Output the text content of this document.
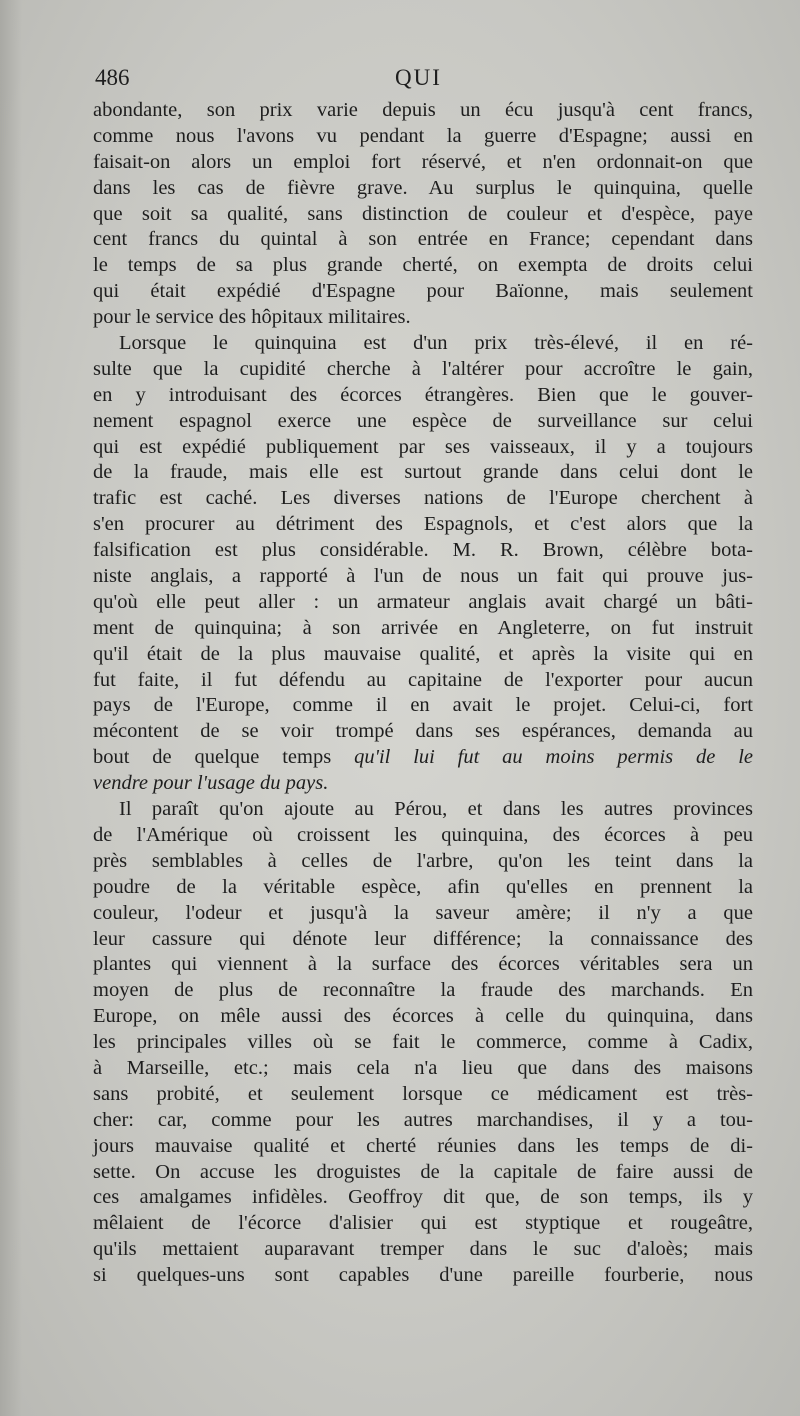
486	QUI
abondante, son prix varie depuis un écu jusqu'à cent francs,
comme nous l'avons vu pendant la guerre d'Espagne; aussi en
faisait-on alors un emploi fort réservé, et n'en ordonnait-on que
dans les cas de fièvre grave. Au surplus le quinquina, quelle
que soit sa qualité, sans distinction de couleur et d'espèce, paye
cent francs du quintal à son entrée en France; cependant dans
le temps de sa plus grande cherté, on exempta de droits celui
qui était expédié d'Espagne pour Baïonne, mais seulement
pour le service des hôpitaux militaires.
Lorsque le quinquina est d'un prix très-élevé, il en ré-
sulte que la cupidité cherche à l'altérer pour accroître le gain,
en y introduisant des écorces étrangères. Bien que le gouver-
nement espagnol exerce une espèce de surveillance sur celui
qui est expédié publiquement par ses vaisseaux, il y a toujours
de la fraude, mais elle est surtout grande dans celui dont le
trafic est caché. Les diverses nations de l'Europe cherchent à
s'en procurer au détriment des Espagnols, et c'est alors que la
falsification est plus considérable. M. R. Brown, célèbre bota-
niste anglais, a rapporté à l'un de nous un fait qui prouve jus-
qu'où elle peut aller : un armateur anglais avait chargé un bâti-
ment de quinquina; à son arrivée en Angleterre, on fut instruit
qu'il était de la plus mauvaise qualité, et après la visite qui en
fut faite, il fut défendu au capitaine de l'exporter pour aucun
pays de l'Europe, comme il en avait le projet. Celui-ci, fort
mécontent de se voir trompé dans ses espérances, demanda au
bout de quelque temps qu'il lui fut au moins permis de le
vendre pour l'usage du pays.
Il paraît qu'on ajoute au Pérou, et dans les autres provinces
de l'Amérique où croissent les quinquina, des écorces à peu
près semblables à celles de l'arbre, qu'on les teint dans la
poudre de la véritable espèce, afin qu'elles en prennent la
couleur, l'odeur et jusqu'à la saveur amère; il n'y a que
leur cassure qui dénote leur différence; la connaissance des
plantes qui viennent à la surface des écorces véritables sera un
moyen de plus de reconnaître la fraude des marchands. En
Europe, on mêle aussi des écorces à celle du quinquina, dans
les principales villes où se fait le commerce, comme à Cadix,
à Marseille, etc.; mais cela n'a lieu que dans des maisons
sans probité, et seulement lorsque ce médicament est très-
cher: car, comme pour les autres marchandises, il y a tou-
jours mauvaise qualité et cherté réunies dans les temps de di-
sette. On accuse les droguistes de la capitale de faire aussi de
ces amalgames infidèles. Geoffroy dit que, de son temps, ils y
mêlaient de l'écorce d'alisier qui est styptique et rougeâtre,
qu'ils mettaient auparavant tremper dans le suc d'aloès; mais
si quelques-uns sont capables d'une pareille fourberie, nous
